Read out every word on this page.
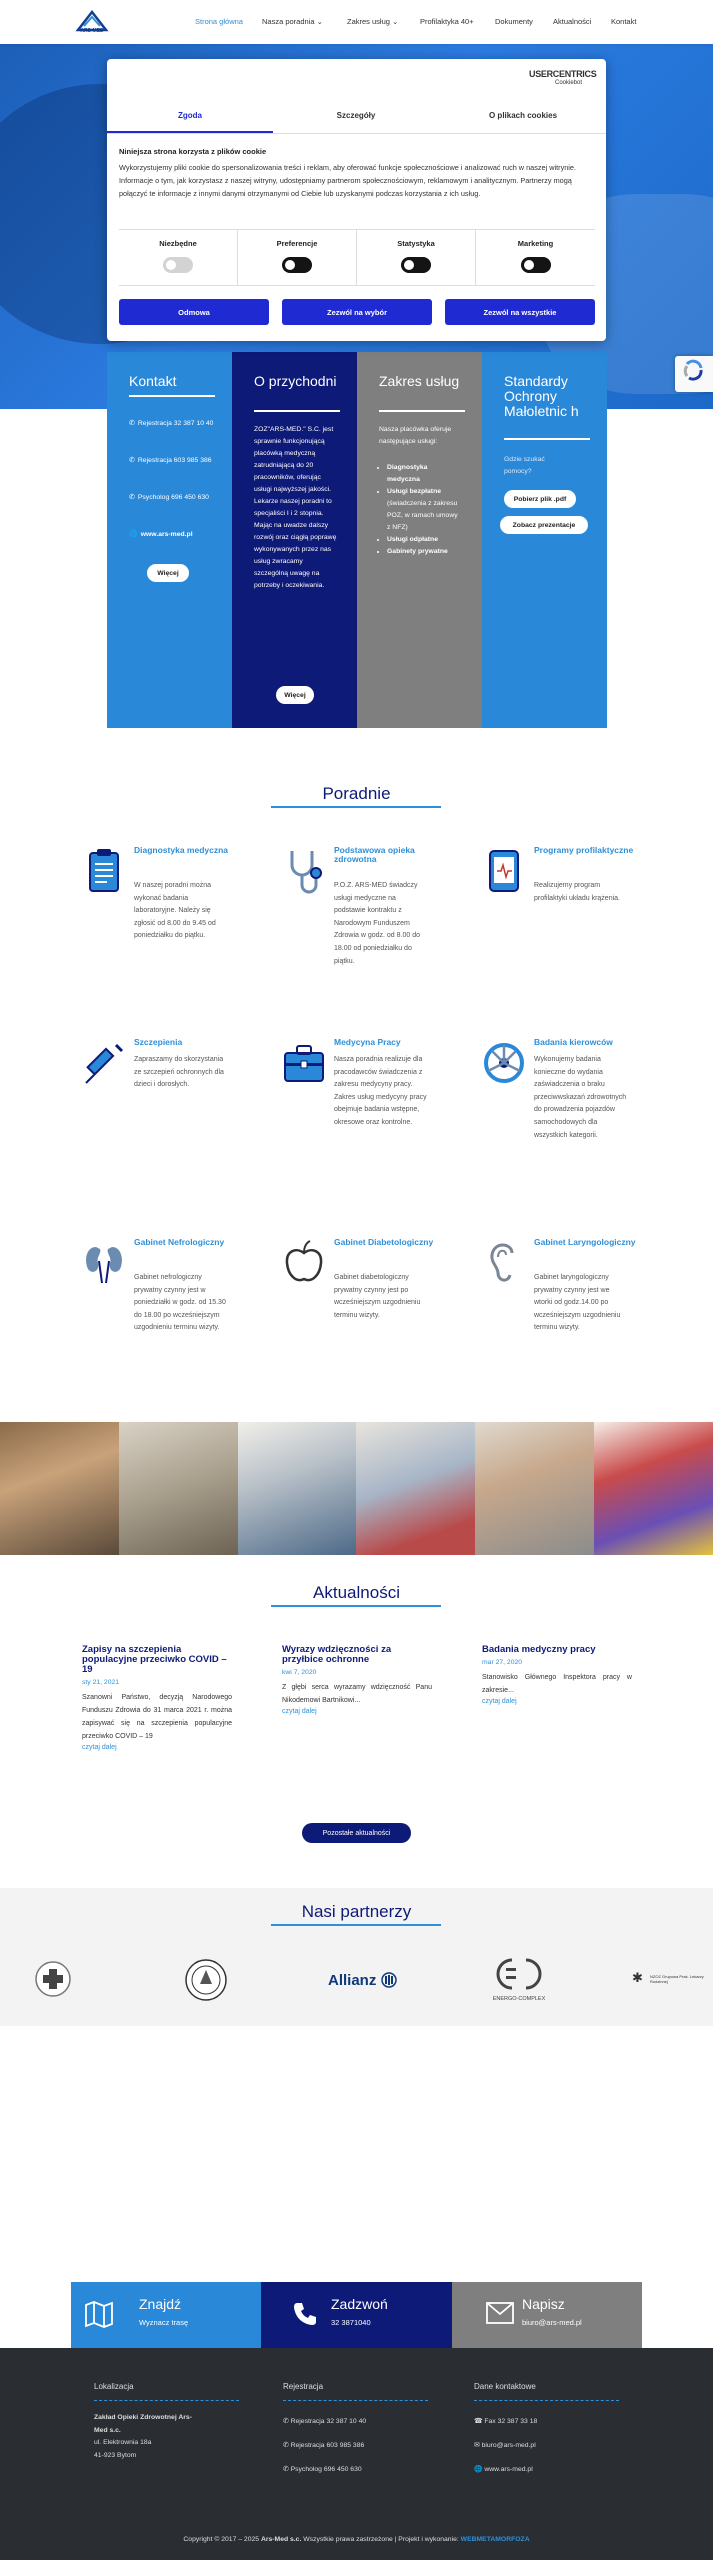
ARS-MED
Strona główna	Nasza poradnia ⌄	Zakres usług ⌄	Profilaktyka 40+	Dokumenty	Aktualności	Kontakt
USERCENTRICS
Cookiebot
Zgoda	Szczegóły	O plikach cookies
Niniejsza strona korzysta z plików cookie
Wykorzystujemy pliki cookie do spersonalizowania treści i reklam, aby oferować funkcje społecznościowe i analizować ruch w naszej witrynie. Informacje o tym, jak korzystasz z naszej witryny, udostępniamy partnerom społecznościowym, reklamowym i analitycznym. Partnerzy mogą połączyć te informacje z innymi danymi otrzymanymi od Ciebie lub uzyskanymi podczas korzystania z ich usług.
Niezbędne	Preferencje	Statystyka	Marketing
Odmowa	Zezwól na wybór	Zezwól na wszystkie
Kontakt
✆ Rejestracja 32 387 10 40
✆ Rejestracja 603 985 386
✆ Psycholog 696 450 630
🌐 www.ars-med.pl
Więcej
O przychodni
ZOZ"ARS-MED." S.C. jest sprawnie funkcjonującą placówką medyczną zatrudniającą do 20 pracowników, oferując usługi najwyższej jakości. Lekarze naszej poradni to specjaliści I i 2 stopnia. Mając na uwadze dalszy rozwój oraz ciągłą poprawę wykonywanych przez nas usług zwracamy szczególną uwagę na potrzeby i oczekiwania.
Więcej
Zakres usług
Nasza placówka oferuje następujące usługi:
• Diagnostyka medyczna
• Usługi bezpłatne (świadczenia z zakresu POZ, w ramach umowy z NFZ)
• Usługi odpłatne
• Gabinety prywatne
Standardy Ochrony Małoletnic h
Gdzie szukać pomocy?
Pobierz plik .pdf
Zobacz prezentacje
Poradnie
Diagnostyka medyczna
W naszej poradni można wykonać badania laboratoryjne. Należy się zgłosić od 8.00 do 9.45 od poniedziałku do piątku.
Podstawowa opieka zdrowotna
P.O.Z. ARS-MED świadczy usługi medyczne na podstawie kontraktu z Narodowym Funduszem Zdrowia w godz. od 8.00 do 18.00 od poniedziałku do piątku.
Programy profilaktyczne
Realizujemy program profilaktyki układu krążenia.
Szczepienia
Zapraszamy do skorzystania ze szczepień ochronnych dla dzieci i dorosłych.
Medycyna Pracy
Nasza poradnia realizuje dla pracodawców świadczenia z zakresu medycyny pracy. Zakres usług medycyny pracy obejmuje badania wstępne, okresowe oraz kontrolne.
Badania kierowców
Wykonujemy badania konieczne do wydania zaświadczenia o braku przeciwwskazań zdrowotnych do prowadzenia pojazdów samochodowych dla wszystkich kategorii.
Gabinet Nefrologiczny
Gabinet nefrologiczny prywatny czynny jest w poniedziałki w godz. od 15.30 do 18.00 po wcześniejszym uzgodnieniu terminu wizyty.
Gabinet Diabetologiczny
Gabinet diabetologiczny prywatny czynny jest po wcześniejszym uzgodnieniu terminu wizyty.
Gabinet Laryngologiczny
Gabinet laryngologiczny prywatny czynny jest we wtorki od godz.14.00 po wcześniejszym uzgodnieniu terminu wizyty.
Aktualności
Zapisy na szczepienia populacyjne przeciwko COVID – 19
sty 21, 2021
Szanowni Państwo, decyzją Narodowego Funduszu Zdrowia do 31 marca 2021 r. można zapisywać się na szczepienia populacyjne przeciwko COVID – 19
czytaj dalej
Wyrazy wdzięczności za przyłbice ochronne
kwi 7, 2020
Z głębi serca wyrazamy wdzięczność Panu Nikodemowi Bartnikowi...
czytaj dalej
Badania medyczny pracy
mar 27, 2020
Stanowisko Głównego Inspektora pracy w zakresie...
czytaj dalej
Pozostałe aktualności
Nasi partnerzy
Allianz
ENERGO-COMPLEX
✱ NZOZ Grupowa Prak. Lekarzy Rodzinnej
Znajdź
Wyznacz trasę
Zadzwoń
32 3871040
Napisz
biuro@ars-med.pl
Lokalizacja
Zakład Opieki Zdrowotnej Ars-Med s.c.
ul. Elektrownia 18a
41-923 Bytom
Rejestracja
✆ Rejestracja 32 387 10 40
✆ Rejestracja 603 985 386
✆ Psycholog 696 450 630
Dane kontaktowe
☎ Fax 32 387 33 18
✉ biuro@ars-med.pl
🌐 www.ars-med.pl
Copyright © 2017 – 2025 Ars-Med s.c. Wszystkie prawa zastrzeżone | Projekt i wykonanie: WEBMETAMORFOZA
